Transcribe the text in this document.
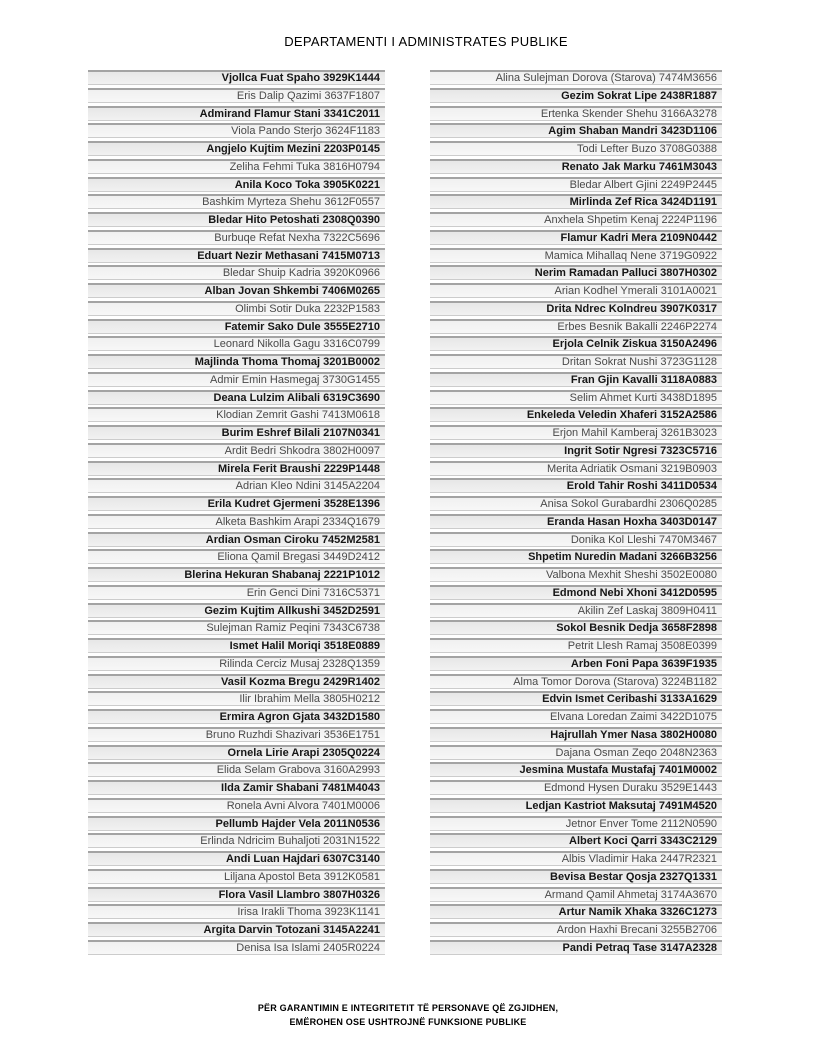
DEPARTAMENTI I ADMINISTRATES PUBLIKE
Vjollca Fuat Spaho 3929K1444
Eris Dalip Qazimi 3637F1807
Admirand Flamur Stani 3341C2011
Viola Pando Sterjo 3624F1183
Angjelo Kujtim Mezini 2203P0145
Zeliha Fehmi Tuka 3816H0794
Anila Koco Toka 3905K0221
Bashkim Myrteza Shehu 3612F0557
Bledar Hito Petoshati 2308Q0390
Burbuqe Refat Nexha 7322C5696
Eduart Nezir Methasani 7415M0713
Bledar Shuip Kadria 3920K0966
Alban Jovan Shkembi 7406M0265
Olimbi Sotir Duka 2232P1583
Fatemir Sako Dule 3555E2710
Leonard Nikolla Gagu 3316C0799
Majlinda Thoma Thomaj 3201B0002
Admir Emin Hasmegaj 3730G1455
Deana Lulzim Alibali 6319C3690
Klodian Zemrit Gashi 7413M0618
Burim Eshref Bilali 2107N0341
Ardit Bedri Shkodra 3802H0097
Mirela Ferit Braushi 2229P1448
Adrian Kleo Ndini 3145A2204
Erila Kudret Gjermeni 3528E1396
Alketa Bashkim Arapi 2334Q1679
Ardian Osman Ciroku 7452M2581
Eliona Qamil Bregasi 3449D2412
Blerina Hekuran Shabanaj 2221P1012
Erin Genci Dini 7316C5371
Gezim Kujtim Allkushi 3452D2591
Sulejman Ramiz Peqini 7343C6738
Ismet Halil Moriqi 3518E0889
Rilinda Cerciz Musaj 2328Q1359
Vasil Kozma Bregu 2429R1402
Ilir Ibrahim Mella 3805H0212
Ermira Agron Gjata 3432D1580
Bruno Ruzhdi Shazivari 3536E1751
Ornela Lirie Arapi 2305Q0224
Elida Selam Grabova 3160A2993
Ilda Zamir Shabani 7481M4043
Ronela Avni Alvora 7401M0006
Pellumb Hajder Vela 2011N0536
Erlinda Ndricim Buhaljoti 2031N1522
Andi Luan Hajdari 6307C3140
Liljana Apostol Beta 3912K0581
Flora Vasil Llambro 3807H0326
Irisa Irakli Thoma 3923K1141
Argita Darvin Totozani 3145A2241
Denisa Isa Islami 2405R0224
Alina Sulejman Dorova (Starova) 7474M3656
Gezim Sokrat Lipe 2438R1887
Ertenka Skender Shehu 3166A3278
Agim Shaban Mandri 3423D1106
Todi Lefter Buzo 3708G0388
Renato Jak Marku 7461M3043
Bledar Albert Gjini 2249P2445
Mirlinda Zef Rica 3424D1191
Anxhela Shpetim Kenaj 2224P1196
Flamur Kadri Mera 2109N0442
Mamica Mihallaq Nene 3719G0922
Nerim Ramadan Palluci 3807H0302
Arian Kodhel Ymerali 3101A0021
Drita Ndrec Kolndreu 3907K0317
Erbes Besnik Bakalli 2246P2274
Erjola Celnik Ziskua 3150A2496
Dritan Sokrat Nushi 3723G1128
Fran Gjin Kavalli 3118A0883
Selim Ahmet Kurti 3438D1895
Enkeleda Veledin Xhaferi 3152A2586
Erjon Mahil Kamberaj 3261B3023
Ingrit Sotir Ngresi 7323C5716
Merita Adriatik Osmani 3219B0903
Erold Tahir Roshi 3411D0534
Anisa Sokol Gurabardhi 2306Q0285
Eranda Hasan Hoxha 3403D0147
Donika Kol Lleshi 7470M3467
Shpetim Nuredin Madani 3266B3256
Valbona Mexhit Sheshi 3502E0080
Edmond Nebi Xhoni 3412D0595
Akilin Zef Laskaj 3809H0411
Sokol Besnik Dedja 3658F2898
Petrit Llesh Ramaj 3508E0399
Arben Foni Papa 3639F1935
Alma Tomor Dorova (Starova) 3224B1182
Edvin Ismet Ceribashi 3133A1629
Elvana Loredan Zaimi 3422D1075
Hajrullah Ymer Nasa 3802H0080
Dajana Osman Zeqo 2048N2363
Jesmina Mustafa Mustafaj 7401M0002
Edmond Hysen Duraku 3529E1443
Ledjan Kastriot Maksutaj 7491M4520
Jetnor Enver Tome 2112N0590
Albert Koci Qarri 3343C2129
Albis Vladimir Haka 2447R2321
Bevisa Bestar Qosja 2327Q1331
Armand Qamil Ahmetaj 3174A3670
Artur Namik Xhaka 3326C1273
Ardon Haxhi Brecani 3255B2706
Pandi Petraq Tase 3147A2328
PËR GARANTIMIN E INTEGRITETIT TË PERSONAVE QË ZGJIDHEN,
EMËROHEN OSE USHTROJNË FUNKSIONE PUBLIKE
